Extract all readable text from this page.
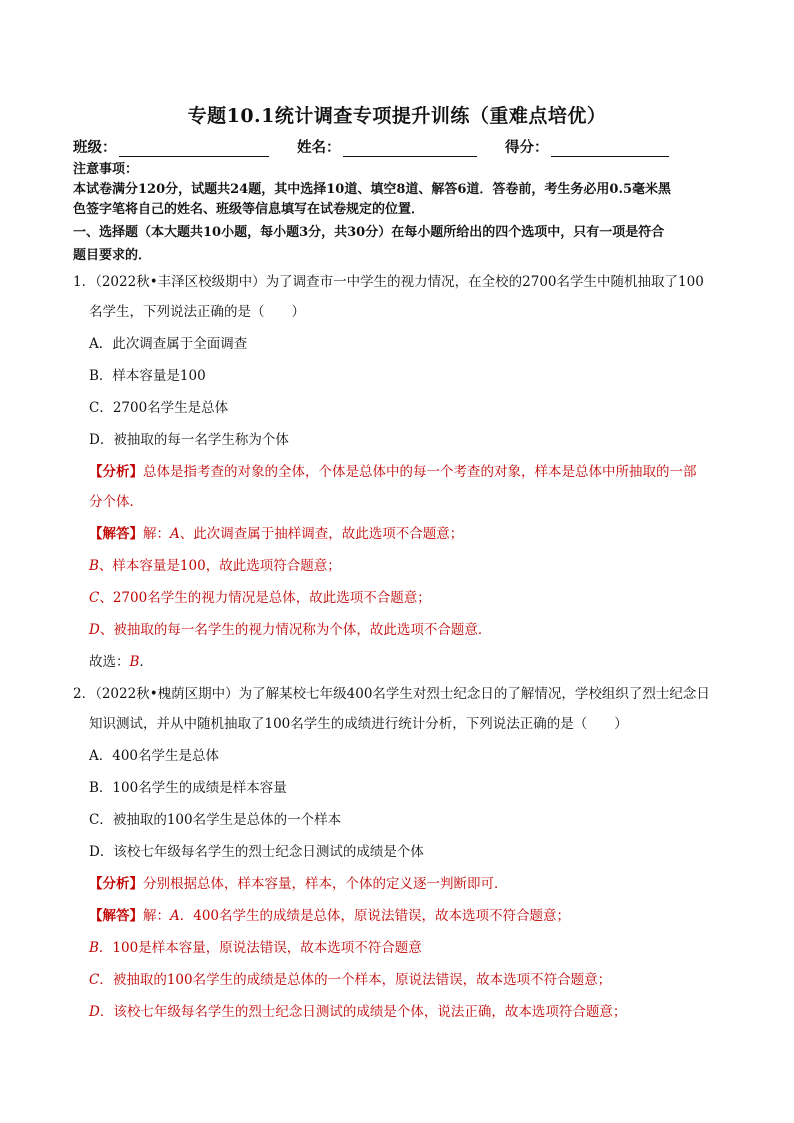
专题10.1统计调查专项提升训练（重难点培优）
班级：	姓名：	得分：
注意事项：
本试卷满分120分，试题共24题，其中选择10道、填空8道、解答6道．答卷前，考生务必用0.5毫米黑
色签字笔将自己的姓名、班级等信息填写在试卷规定的位置．
一、选择题（本大题共10小题，每小题3分，共30分）在每小题所给出的四个选项中，只有一项是符合
题目要求的．
1．（2022秋•丰泽区校级期中）为了调查市一中学生的视力情况，在全校的2700名学生中随机抽取了100
名学生，下列说法正确的是（　　）
A．此次调查属于全面调查
B．样本容量是100
C．2700名学生是总体
D．被抽取的每一名学生称为个体
【分析】总体是指考查的对象的全体，个体是总体中的每一个考查的对象，样本是总体中所抽取的一部
分个体．
【解答】解：A、此次调查属于抽样调查，故此选项不合题意；
B、样本容量是100，故此选项符合题意；
C、2700名学生的视力情况是总体，故此选项不合题意；
D、被抽取的每一名学生的视力情况称为个体，故此选项不合题意．
故选：B．
2．（2022秋•槐荫区期中）为了解某校七年级400名学生对烈士纪念日的了解情况，学校组织了烈士纪念日
知识测试，并从中随机抽取了100名学生的成绩进行统计分析，下列说法正确的是（　　）
A．400名学生是总体
B．100名学生的成绩是样本容量
C．被抽取的100名学生是总体的一个样本
D．该校七年级每名学生的烈士纪念日测试的成绩是个体
【分析】分别根据总体，样本容量，样本，个体的定义逐一判断即可．
【解答】解：A．400名学生的成绩是总体，原说法错误，故本选项不符合题意；
B．100是样本容量，原说法错误，故本选项不符合题意
C．被抽取的100名学生的成绩是总体的一个样本，原说法错误，故本选项不符合题意；
D．该校七年级每名学生的烈士纪念日测试的成绩是个体，说法正确，故本选项符合题意；
